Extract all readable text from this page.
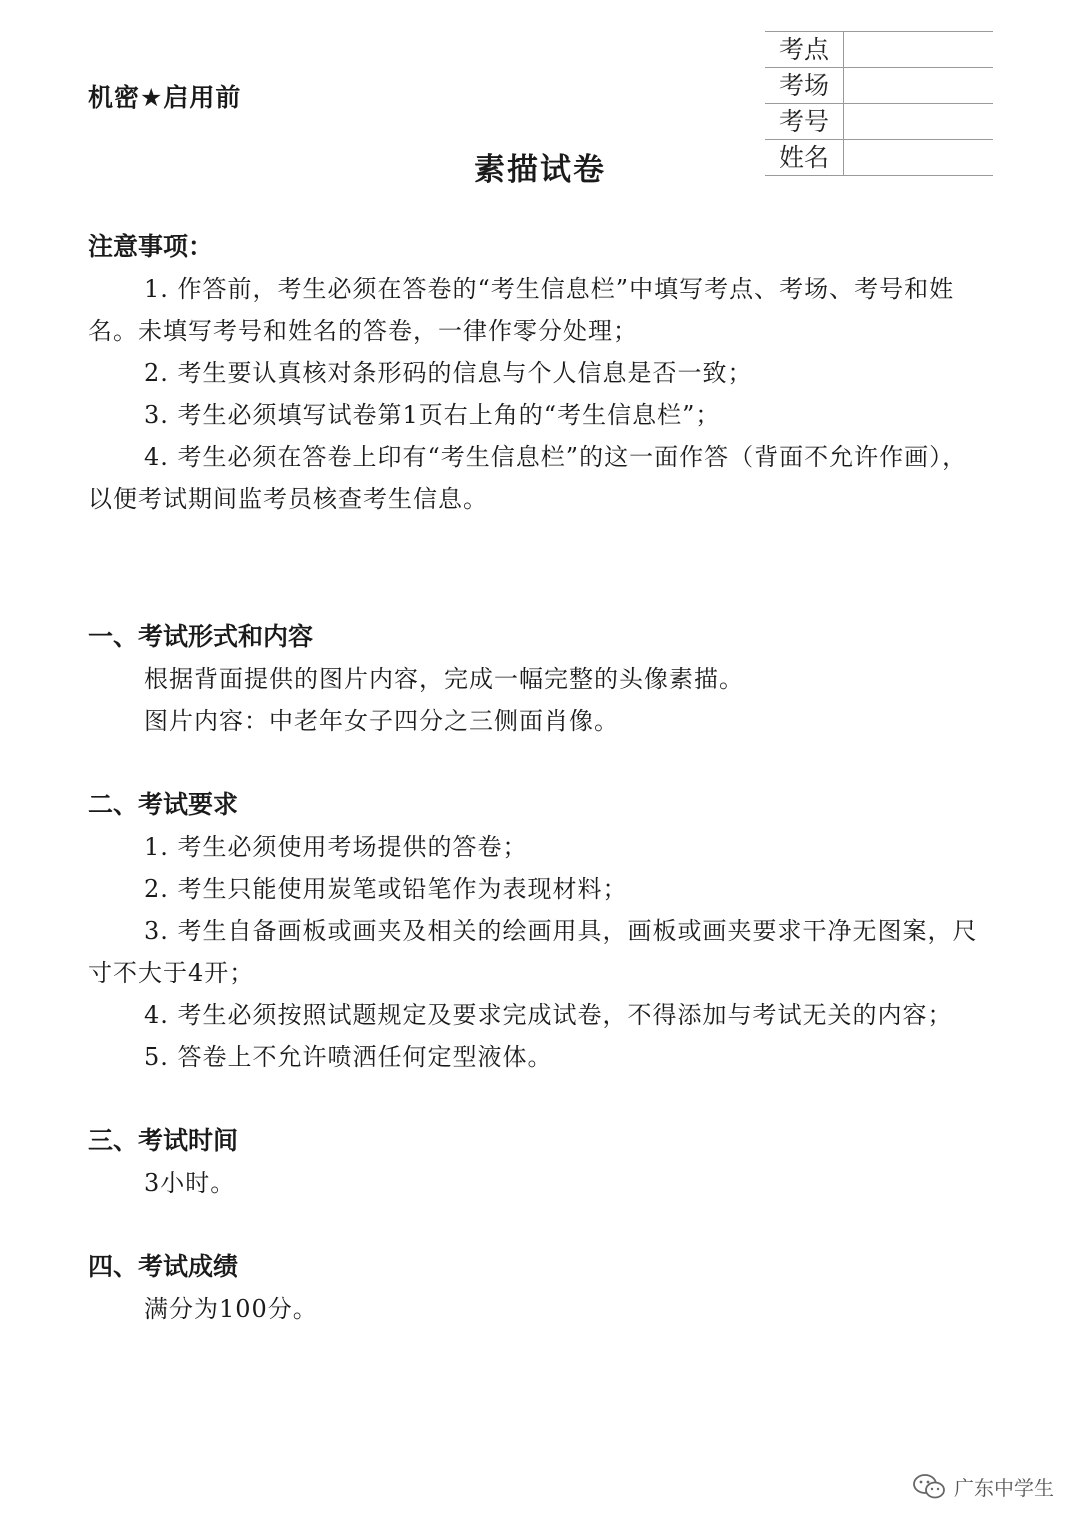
机密★启用前
考点	
考场	
考号	
姓名	
素描试卷

注意事项：

1. 作答前，考生必须在答卷的“考生信息栏”中填写考点、考场、考号和姓名。未填写考号和姓名的答卷，一律作零分处理；

2. 考生要认真核对条形码的信息与个人信息是否一致；

3. 考生必须填写试卷第1页右上角的“考生信息栏”；

4. 考生必须在答卷上印有“考生信息栏”的这一面作答（背面不允许作画），以便考试期间监考员核查考生信息。

一、考试形式和内容

根据背面提供的图片内容，完成一幅完整的头像素描。

图片内容：中老年女子四分之三侧面肖像。

二、考试要求

1. 考生必须使用考场提供的答卷；

2. 考生只能使用炭笔或铅笔作为表现材料；

3. 考生自备画板或画夹及相关的绘画用具，画板或画夹要求干净无图案，尺寸不大于4开；

4. 考生必须按照试题规定及要求完成试卷，不得添加与考试无关的内容；

5. 答卷上不允许喷洒任何定型液体。

三、考试时间

3小时。

四、考试成绩

满分为100分。

广东中学生
